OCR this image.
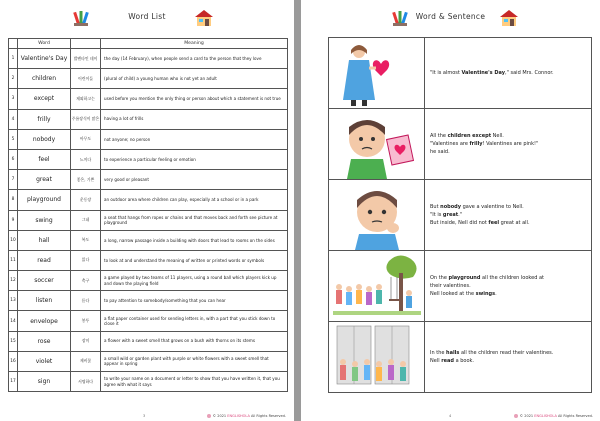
Word List
	Word		Meaning
1	Valentine's Day	발렌타인 데이	the day (14 February), when people send a card to the person that they love
2	children	어린이들	(plural of child) a young human who is not yet an adult
3	except	제외하고는	used before you mention the only thing or person about which a statement is not true
4	frilly	주름장식이 많은	having a lot of frills
5	nobody	아무도	not anyone; no person
6	feel	느끼다	to experience a particular feeling or emotion
7	great	좋은, 기쁜	very good or pleasant
8	playground	운동장	an outdoor area where children can play, especially at a school or in a park
9	swing	그네	a seat that hangs from ropes or chains and that moves back and forth see picture at playground
10	hall	복도	a long, narrow passage inside a building with doors that lead to rooms on the sides
11	read	읽다	to look at and understand the meaning of written or printed words or symbols
12	soccer	축구	a game played by two teams of 11 players, using a round ball which players kick up and down the playing field
13	listen	듣다	to pay attention to somebody/something that you can hear
14	envelope	봉투	a flat paper container used for sending letters in, with a part that you stick down to close it
15	rose	장미	a flower with a sweet smell that grows on a bush with thorns on its stems
16	violet	제비꽃	a small wild or garden plant with purple or white flowers with a sweet smell that appear in spring
17	sign	서명하다	to write your name on a document or letter to show that you have written it, that you agree with what it says
3	© 2021 ENGLISHOLA All Rights Reserved.
Word & Sentence
4	© 2021 ENGLISHOLA All Rights Reserved.

"It is almost Valentine's Day," said Mrs. Connor.

All the children except Nell.
"Valentines are frilly! Valentines are pink!"
he said.

But nobody gave a valentine to Nell.
"It is great."
But inside, Nell did not feel great at all.

On the playground all the children looked at
their valentines.
Nell looked at the swings.

In the halls all the children read their valentines.
Nell read a book.
